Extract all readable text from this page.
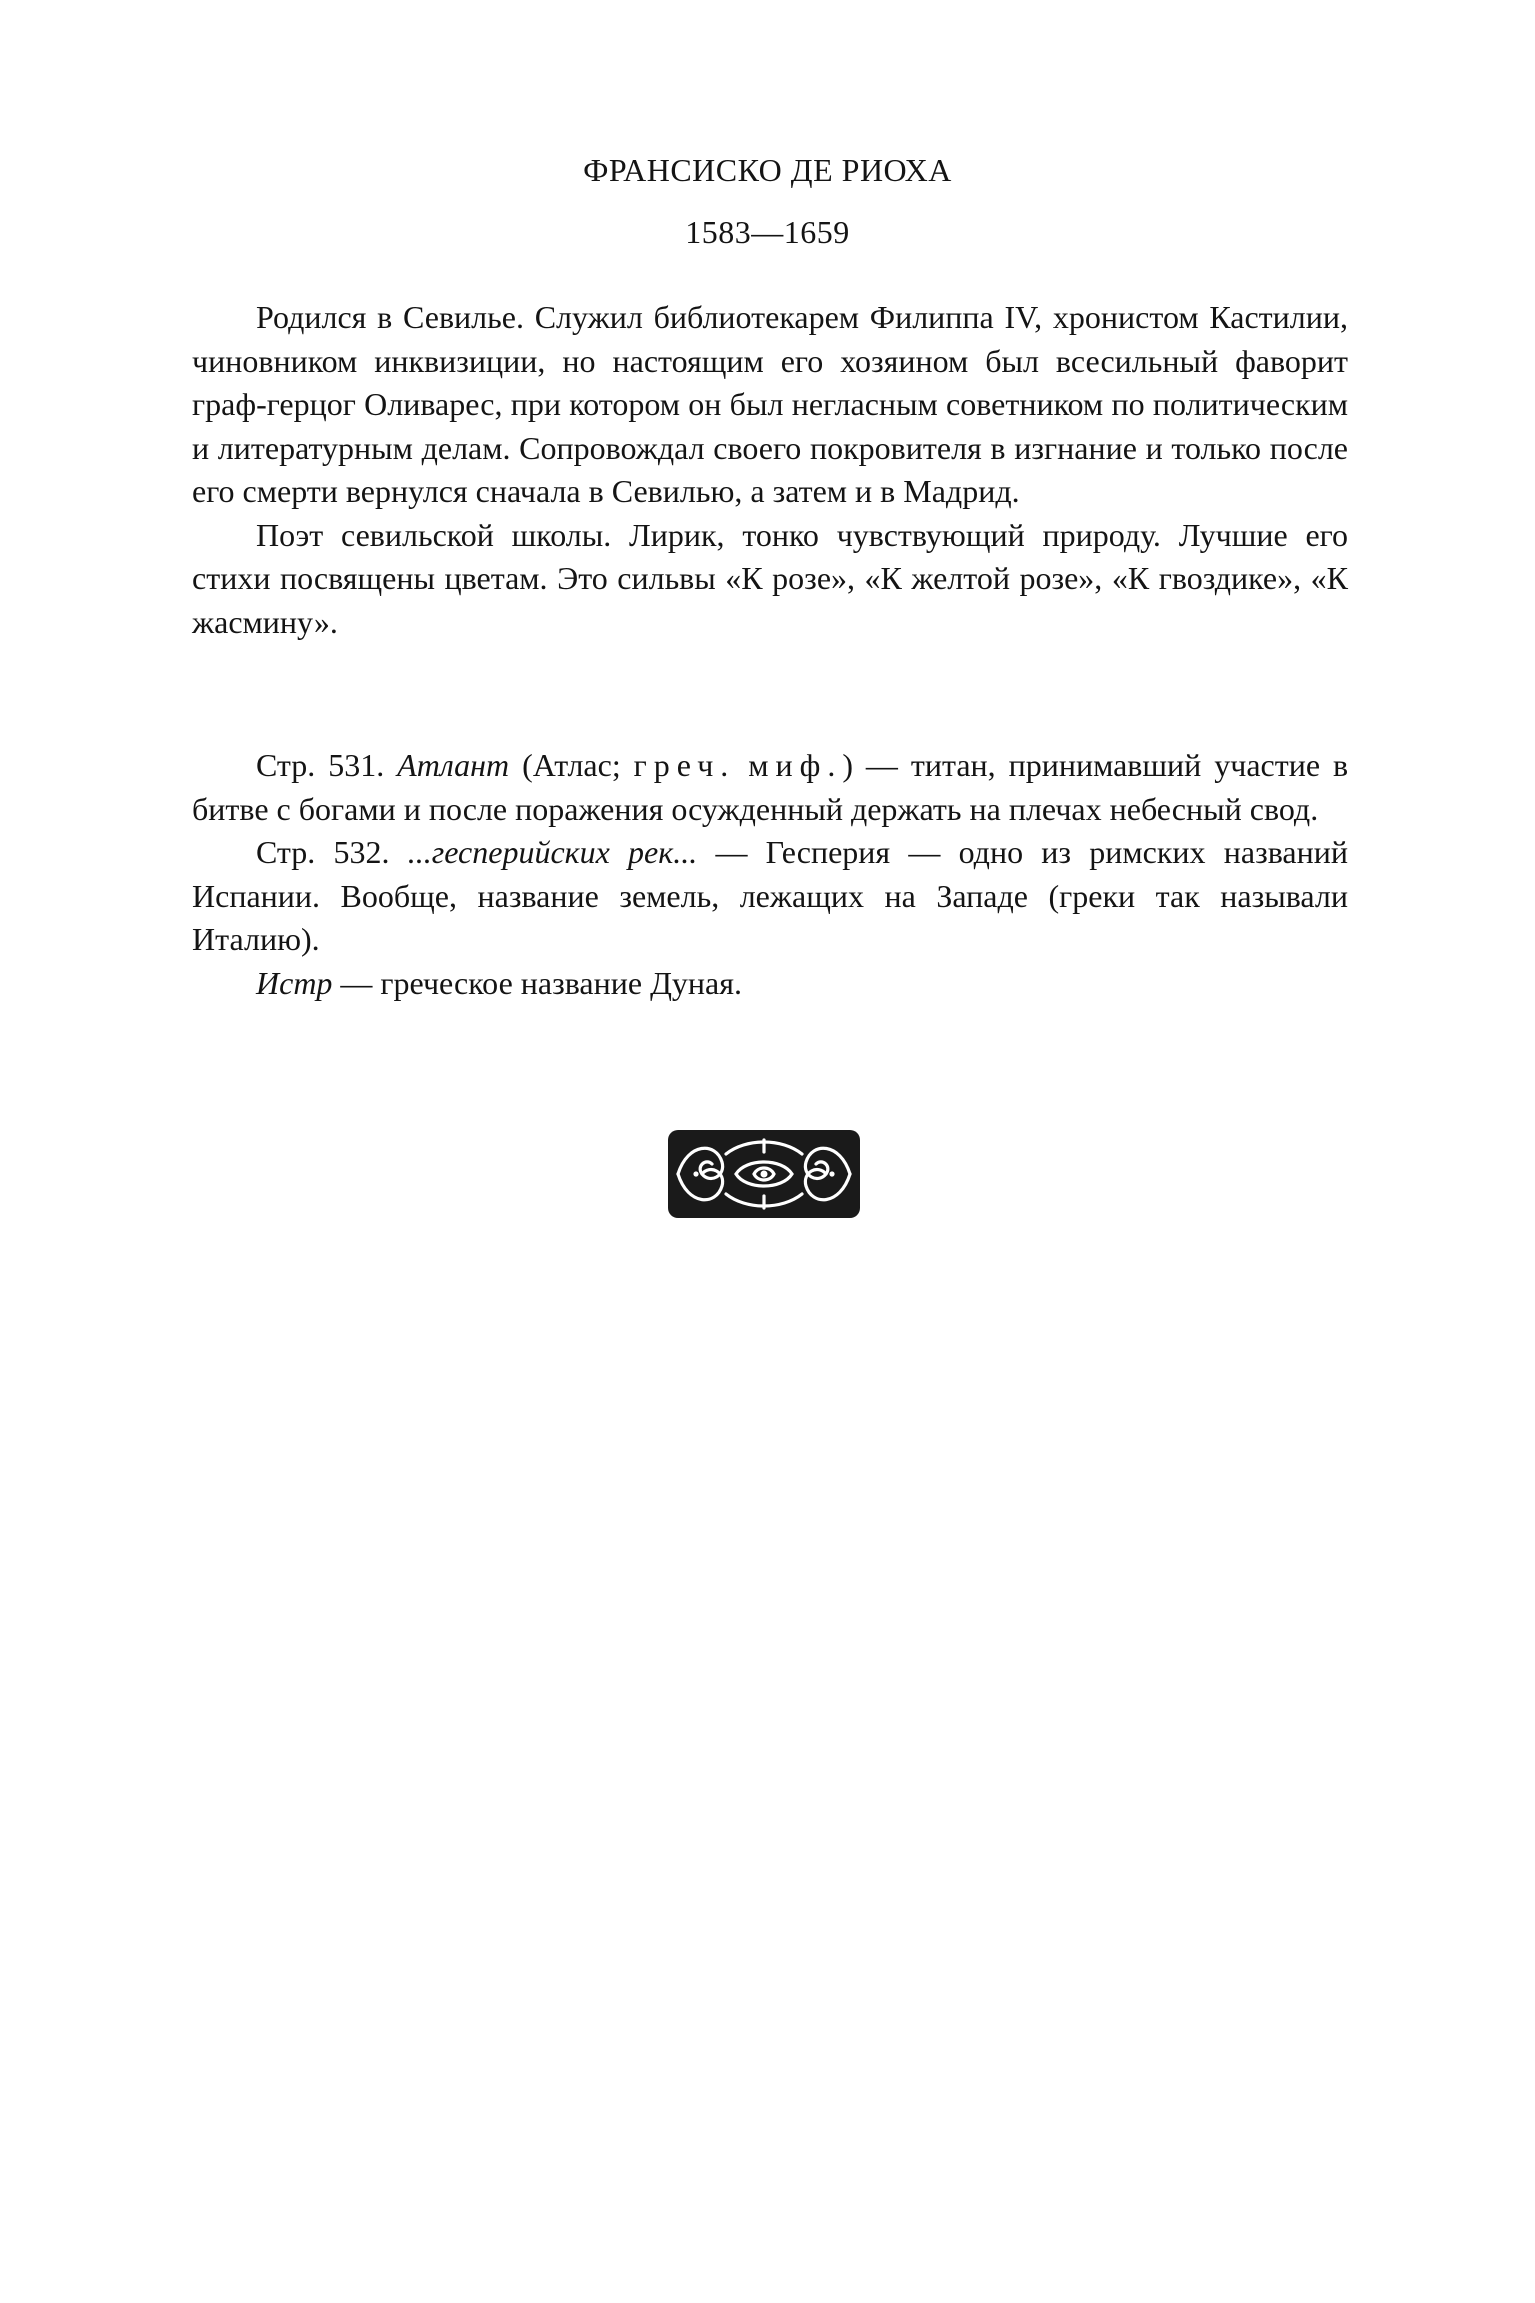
ФРАНСИСКО ДЕ РИОХА
1583—1659

Родился в Севилье. Служил библиотекарем Филиппа IV, хронистом Кастилии, чиновником инквизиции, но настоящим его хозяином был всесильный фаворит граф-герцог Оливарес, при котором он был негласным советником по политическим и литературным делам. Сопровождал своего покровителя в изгнание и только после его смерти вернулся сначала в Севилью, а затем и в Мадрид.

Поэт севильской школы. Лирик, тонко чувствующий природу. Лучшие его стихи посвящены цветам. Это сильвы «К розе», «К желтой розе», «К гвоздике», «К жасмину».

Стр. 531. Атлант (Атлас; греч. миф.) — титан, принимавший участие в битве с богами и после поражения осужденный держать на плечах небесный свод.

Стр. 532. ...гесперийских рек... — Гесперия — одно из римских названий Испании. Вообще, название земель, лежащих на Западе (греки так называли Италию).

Истр — греческое название Дуная.
